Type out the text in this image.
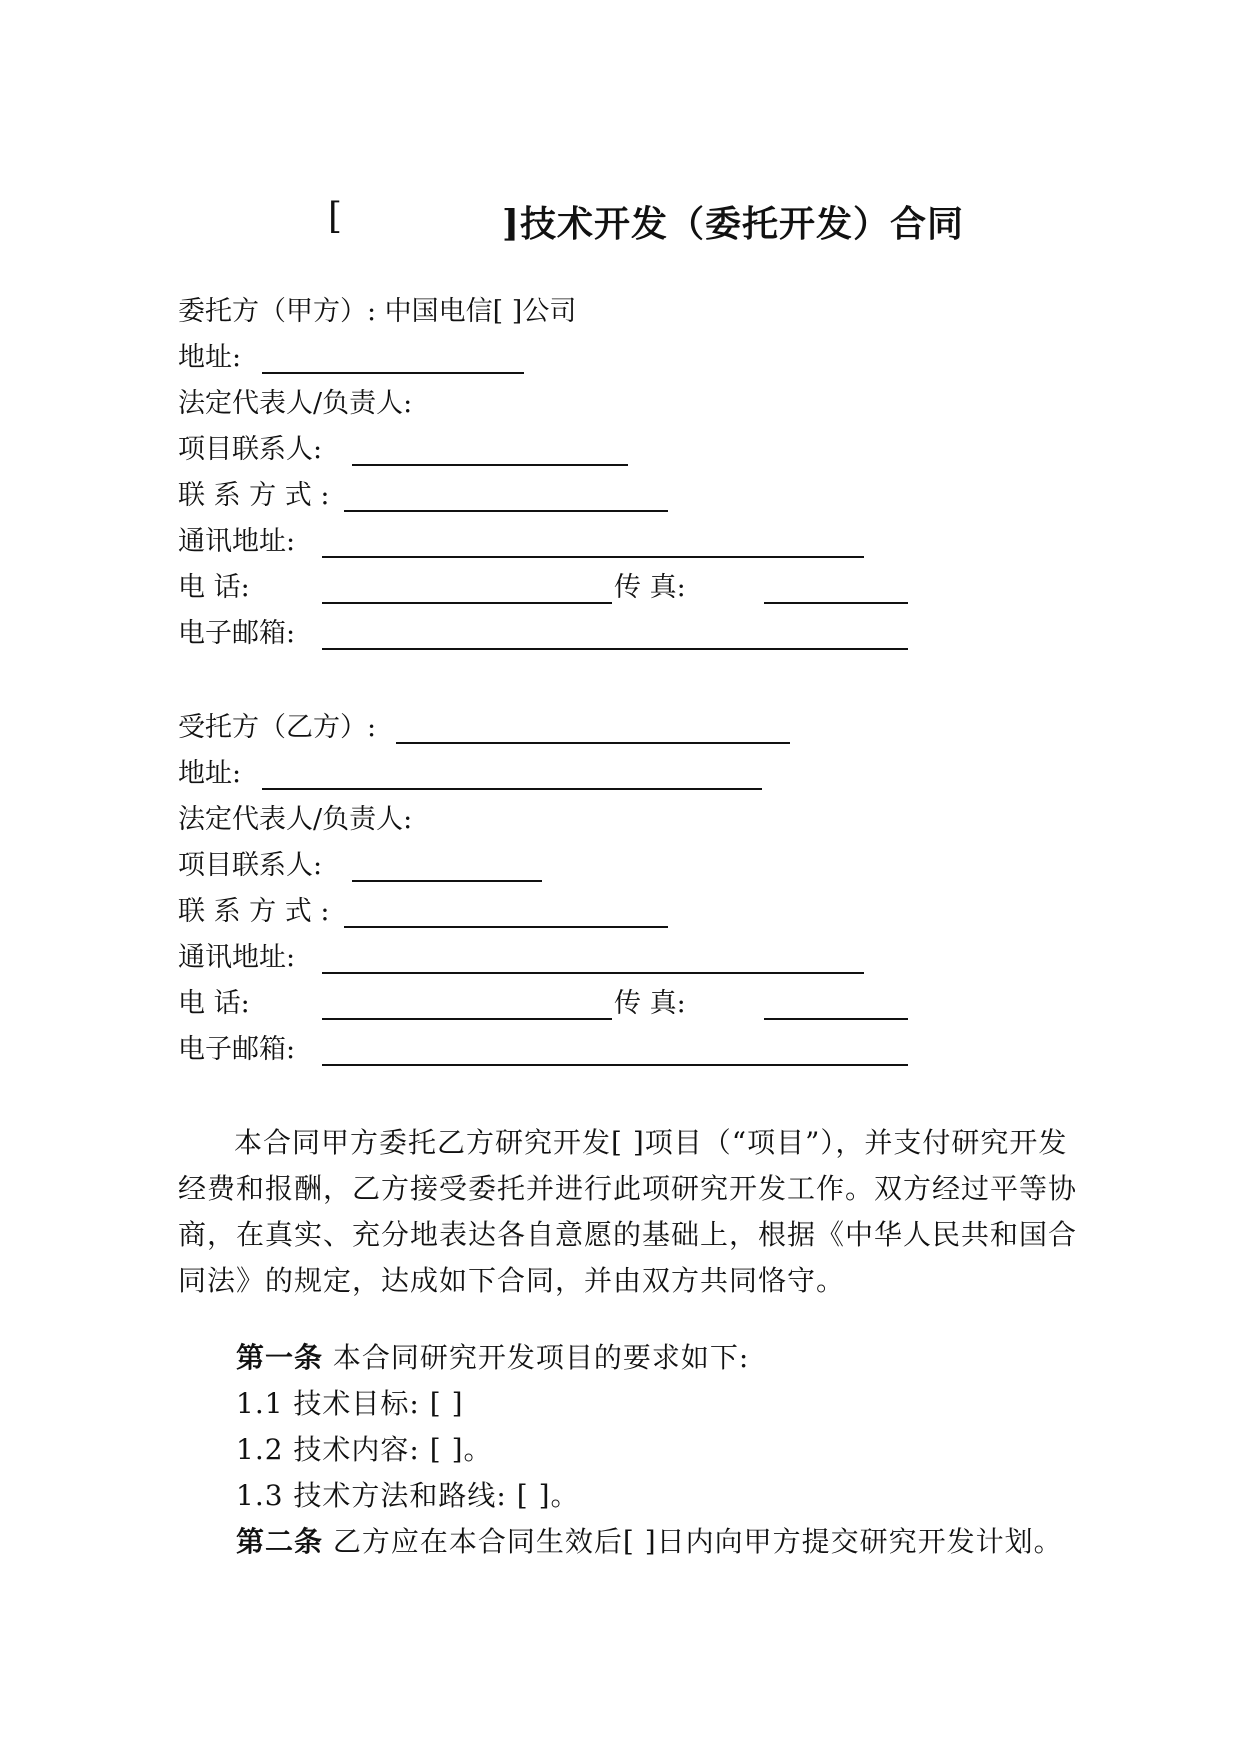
[	]技术开发（委托开发）合同
委托方（甲方）: 中国电信[ ]公司
地址:
法定代表人/负责人:
项目联系人:
联 系 方 式 :
通讯地址:
电 话:	传 真:
电子邮箱:
受托方（乙方）:
地址:
法定代表人/负责人:
项目联系人:
联 系 方 式 :
通讯地址:
电 话:	传 真:
电子邮箱:
本合同甲方委托乙方研究开发[ ]项目（“项目”），并支付研究开发经费和报酬，乙方接受委托并进行此项研究开发工作。双方经过平等协商，在真实、充分地表达各自意愿的基础上，根据《中华人民共和国合同法》的规定，达成如下合同，并由双方共同恪守。
第一条 本合同研究开发项目的要求如下:
1.1 技术目标: [ ]
1.2 技术内容: [ ]。
1.3 技术方法和路线: [ ]。
第二条 乙方应在本合同生效后[ ]日内向甲方提交研究开发计划。
